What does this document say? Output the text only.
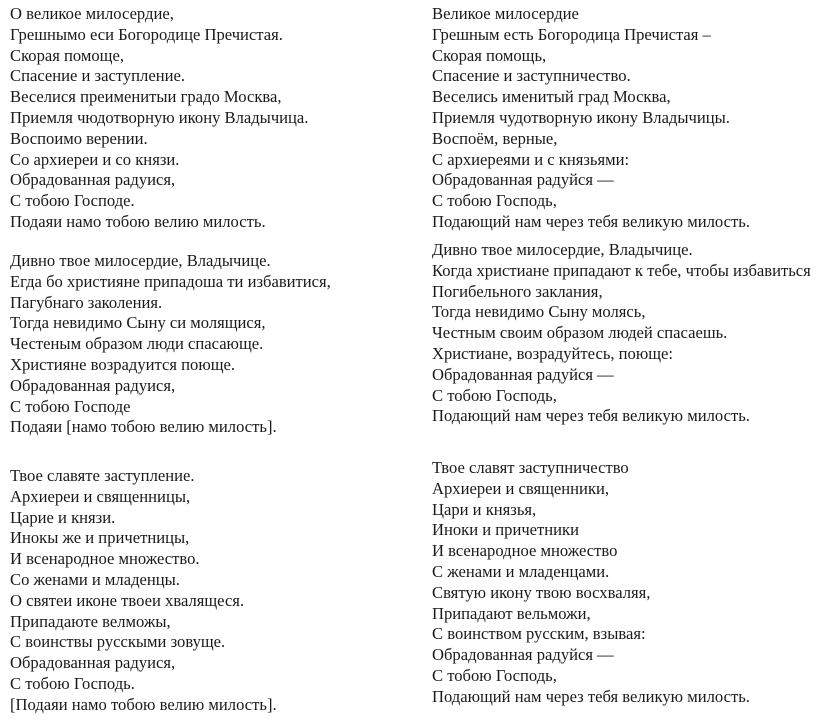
О великое милосердие,
Грешнымо еси Богородице Пречистая.
Скорая помоще,
Спасение и заступление.
Веселися преименитыи градо Москва,
Приемля чюдотворную икону Владычица.
Воспоимо верении.
Со архиереи и со князи.
Обрадованная радуися,
С тобою Господе.
Подаяи намо тобою велию милость.
Дивно твое милосердие, Владычице.
Егда бо християне припадоша ти избавитися,
Пагубнаго заколения.
Тогда невидимо Сыну си молящися,
Честеным образом люди спасающе.
Християне возрадуится поюще.
Обрадованная радуися,
С тобою Господе
Подаяи [намо тобою велию милость].
Твое славяте заступление.
Архиереи и священницы,
Царие и князи.
Инокы же и причетницы,
И всенародное множество.
Со женами и младенцы.
О святеи иконе твоеи хвалящеся.
Припадаюте велможы,
С воинствы русскыми зовуще.
Обрадованная радуися,
С тобою Господь.
[Подаяи намо тобою велию милость].
Великое милосердие
Грешным есть Богородица Пречистая –
Скорая помощь,
Спасение и заступничество.
Веселись именитый град Москва,
Приемля чудотворную икону Владычицы.
Воспоём, верные,
С архиереями и с князьями:
Обрадованная радуйся —
С тобою Господь,
Подающий нам через тебя великую милость.
Дивно твое милосердие, Владычице.
Когда христиане припадают к тебе, чтобы избавиться
Погибельного заклания,
Тогда невидимо Сыну молясь,
Честным своим образом людей спасаешь.
Христиане, возрадуйтесь, поюще:
Обрадованная радуйся —
С тобою Господь,
Подающий нам через тебя великую милость.
Твое славят заступничество
Архиереи и священники,
Цари и князья,
Иноки и причетники
И всенародное множество
С женами и младенцами.
Святую икону твою восхваляя,
Припадают вельможи,
С воинством русским, взывая:
Обрадованная радуйся —
С тобою Господь,
Подающий нам через тебя великую милость.
